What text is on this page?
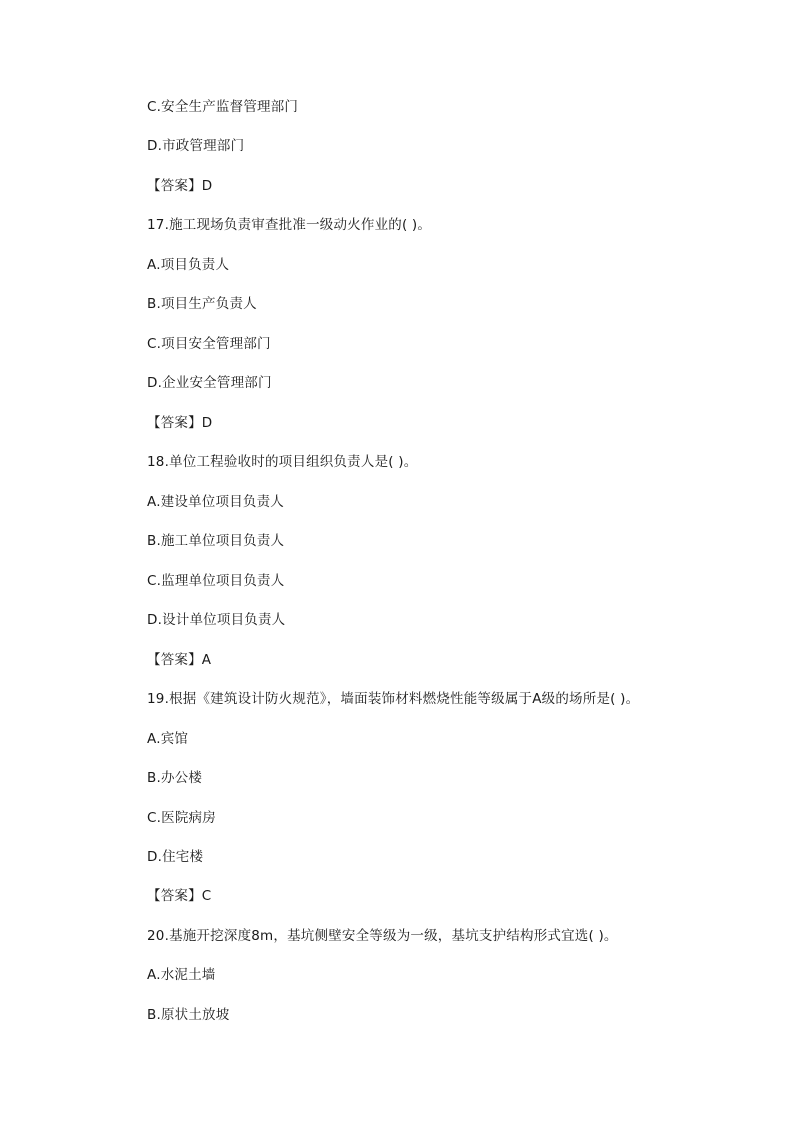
C.安全生产监督管理部门
D.市政管理部门
【答案】D
17.施工现场负责审查批准一级动火作业的( )。
A.项目负责人
B.项目生产负责人
C.项目安全管理部门
D.企业安全管理部门
【答案】D
18.单位工程验收时的项目组织负责人是( )。
A.建设单位项目负责人
B.施工单位项目负责人
C.监理单位项目负责人
D.设计单位项目负责人
【答案】A
19.根据《建筑设计防火规范》，墙面装饰材料燃烧性能等级属于A级的场所是( )。
A.宾馆
B.办公楼
C.医院病房
D.住宅楼
【答案】C
20.基施开挖深度8m，基坑侧壁安全等级为一级，基坑支护结构形式宜选( )。
A.水泥土墙
B.原状土放坡
